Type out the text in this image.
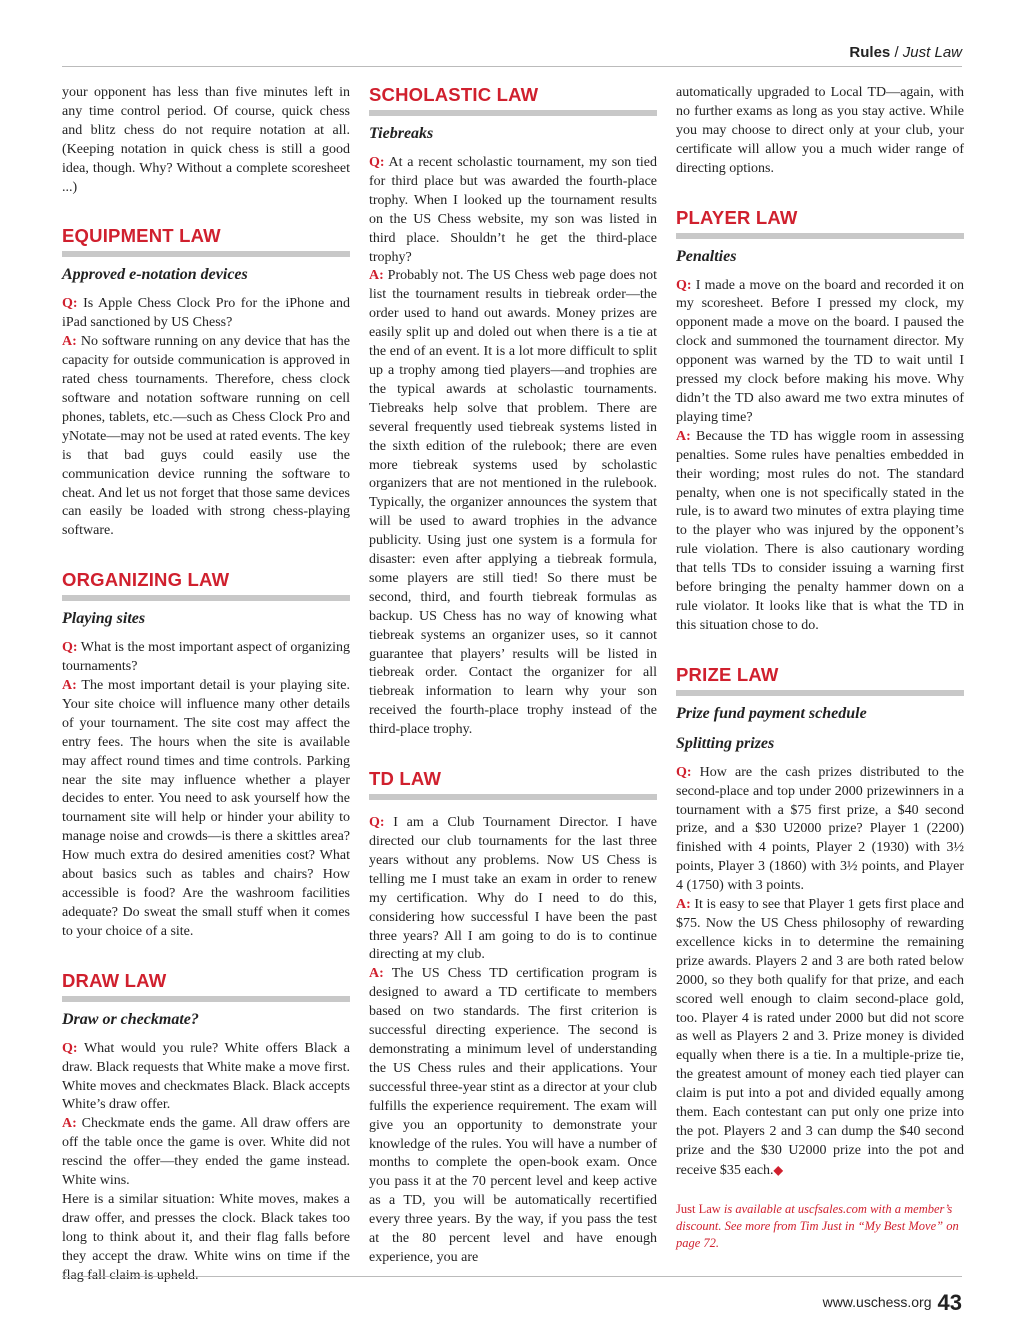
Rules / Just Law

your opponent has less than five minutes left in any time control period. Of course, quick chess and blitz chess do not require notation at all. (Keeping notation in quick chess is still a good idea, though. Why? Without a complete scoresheet ...)

EQUIPMENT LAW
Approved e-notation devices

Q: Is Apple Chess Clock Pro for the iPhone and iPad sanctioned by US Chess?

A: No software running on any device that has the capacity for outside communication is approved in rated chess tournaments. Therefore, chess clock software and notation software running on cell phones, tablets, etc.—such as Chess Clock Pro and yNotate—may not be used at rated events. The key is that bad guys could easily use the communication device running the software to cheat. And let us not forget that those same devices can easily be loaded with strong chess-playing software.

ORGANIZING LAW
Playing sites

Q: What is the most important aspect of organizing tournaments?

A: The most important detail is your playing site. Your site choice will influence many other details of your tournament. The site cost may affect the entry fees. The hours when the site is available may affect round times and time controls. Parking near the site may influence whether a player decides to enter. You need to ask yourself how the tournament site will help or hinder your ability to manage noise and crowds—is there a skittles area? How much extra do desired amenities cost? What about basics such as tables and chairs? How accessible is food? Are the washroom facilities adequate? Do sweat the small stuff when it comes to your choice of a site.

DRAW LAW
Draw or checkmate?

Q: What would you rule? White offers Black a draw. Black requests that White make a move first. White moves and checkmates Black. Black accepts White’s draw offer.

A: Checkmate ends the game. All draw offers are off the table once the game is over. White did not rescind the offer—they ended the game instead. White wins.

Here is a similar situation: White moves, makes a draw offer, and presses the clock. Black takes too long to think about it, and their flag falls before they accept the draw. White wins on time if the flag fall claim is upheld.

SCHOLASTIC LAW
Tiebreaks

Q: At a recent scholastic tournament, my son tied for third place but was awarded the fourth-place trophy. When I looked up the tournament results on the US Chess website, my son was listed in third place. Shouldn’t he get the third-place trophy?

A: Probably not. The US Chess web page does not list the tournament results in tiebreak order—the order used to hand out awards. Money prizes are easily split up and doled out when there is a tie at the end of an event. It is a lot more difficult to split up a trophy among tied players—and trophies are the typical awards at scholastic tournaments. Tiebreaks help solve that problem. There are several frequently used tiebreak systems listed in the sixth edition of the rulebook; there are even more tiebreak systems used by scholastic organizers that are not mentioned in the rulebook. Typically, the organizer announces the system that will be used to award trophies in the advance publicity. Using just one system is a formula for disaster: even after applying a tiebreak formula, some players are still tied! So there must be second, third, and fourth tiebreak formulas as backup. US Chess has no way of knowing what tiebreak systems an organizer uses, so it cannot guarantee that players’ results will be listed in tiebreak order. Contact the organizer for all tiebreak information to learn why your son received the fourth-place trophy instead of the third-place trophy.

TD LAW

Q: I am a Club Tournament Director. I have directed our club tournaments for the last three years without any problems. Now US Chess is telling me I must take an exam in order to renew my certification. Why do I need to do this, considering how successful I have been the past three years? All I am going to do is to continue directing at my club.

A: The US Chess TD certification program is designed to award a TD certificate to members based on two standards. The first criterion is successful directing experience. The second is demonstrating a minimum level of understanding the US Chess rules and their applications. Your successful three-year stint as a director at your club fulfills the experience requirement. The exam will give you an opportunity to demonstrate your knowledge of the rules. You will have a number of months to complete the open-book exam. Once you pass it at the 70 percent level and keep active as a TD, you will be automatically recertified every three years. By the way, if you pass the test at the 80 percent level and have enough experience, you are

automatically upgraded to Local TD—again, with no further exams as long as you stay active. While you may choose to direct only at your club, your certificate will allow you a much wider range of directing options.

PLAYER LAW
Penalties

Q: I made a move on the board and recorded it on my scoresheet. Before I pressed my clock, my opponent made a move on the board. I paused the clock and summoned the tournament director. My opponent was warned by the TD to wait until I pressed my clock before making his move. Why didn’t the TD also award me two extra minutes of playing time?

A: Because the TD has wiggle room in assessing penalties. Some rules have penalties embedded in their wording; most rules do not. The standard penalty, when one is not specifically stated in the rule, is to award two minutes of extra playing time to the player who was injured by the opponent’s rule violation. There is also cautionary wording that tells TDs to consider issuing a warning first before bringing the penalty hammer down on a rule violator. It looks like that is what the TD in this situation chose to do.

PRIZE LAW
Prize fund payment schedule
Splitting prizes

Q: How are the cash prizes distributed to the second-place and top under 2000 prizewinners in a tournament with a $75 first prize, a $40 second prize, and a $30 U2000 prize? Player 1 (2200) finished with 4 points, Player 2 (1930) with 3½ points, Player 3 (1860) with 3½ points, and Player 4 (1750) with 3 points.

A: It is easy to see that Player 1 gets first place and $75. Now the US Chess philosophy of rewarding excellence kicks in to determine the remaining prize awards. Players 2 and 3 are both rated below 2000, so they both qualify for that prize, and each scored well enough to claim second-place gold, too. Player 4 is rated under 2000 but did not score as well as Players 2 and 3. Prize money is divided equally when there is a tie. In a multiple-prize tie, the greatest amount of money each tied player can claim is put into a pot and divided equally among them. Each contestant can put only one prize into the pot. Players 2 and 3 can dump the $40 second prize and the $30 U2000 prize into the pot and receive $35 each.◆

Just Law is available at uscfsales.com with a member’s discount. See more from Tim Just in “My Best Move” on page 72.

www.uschess.org 43
